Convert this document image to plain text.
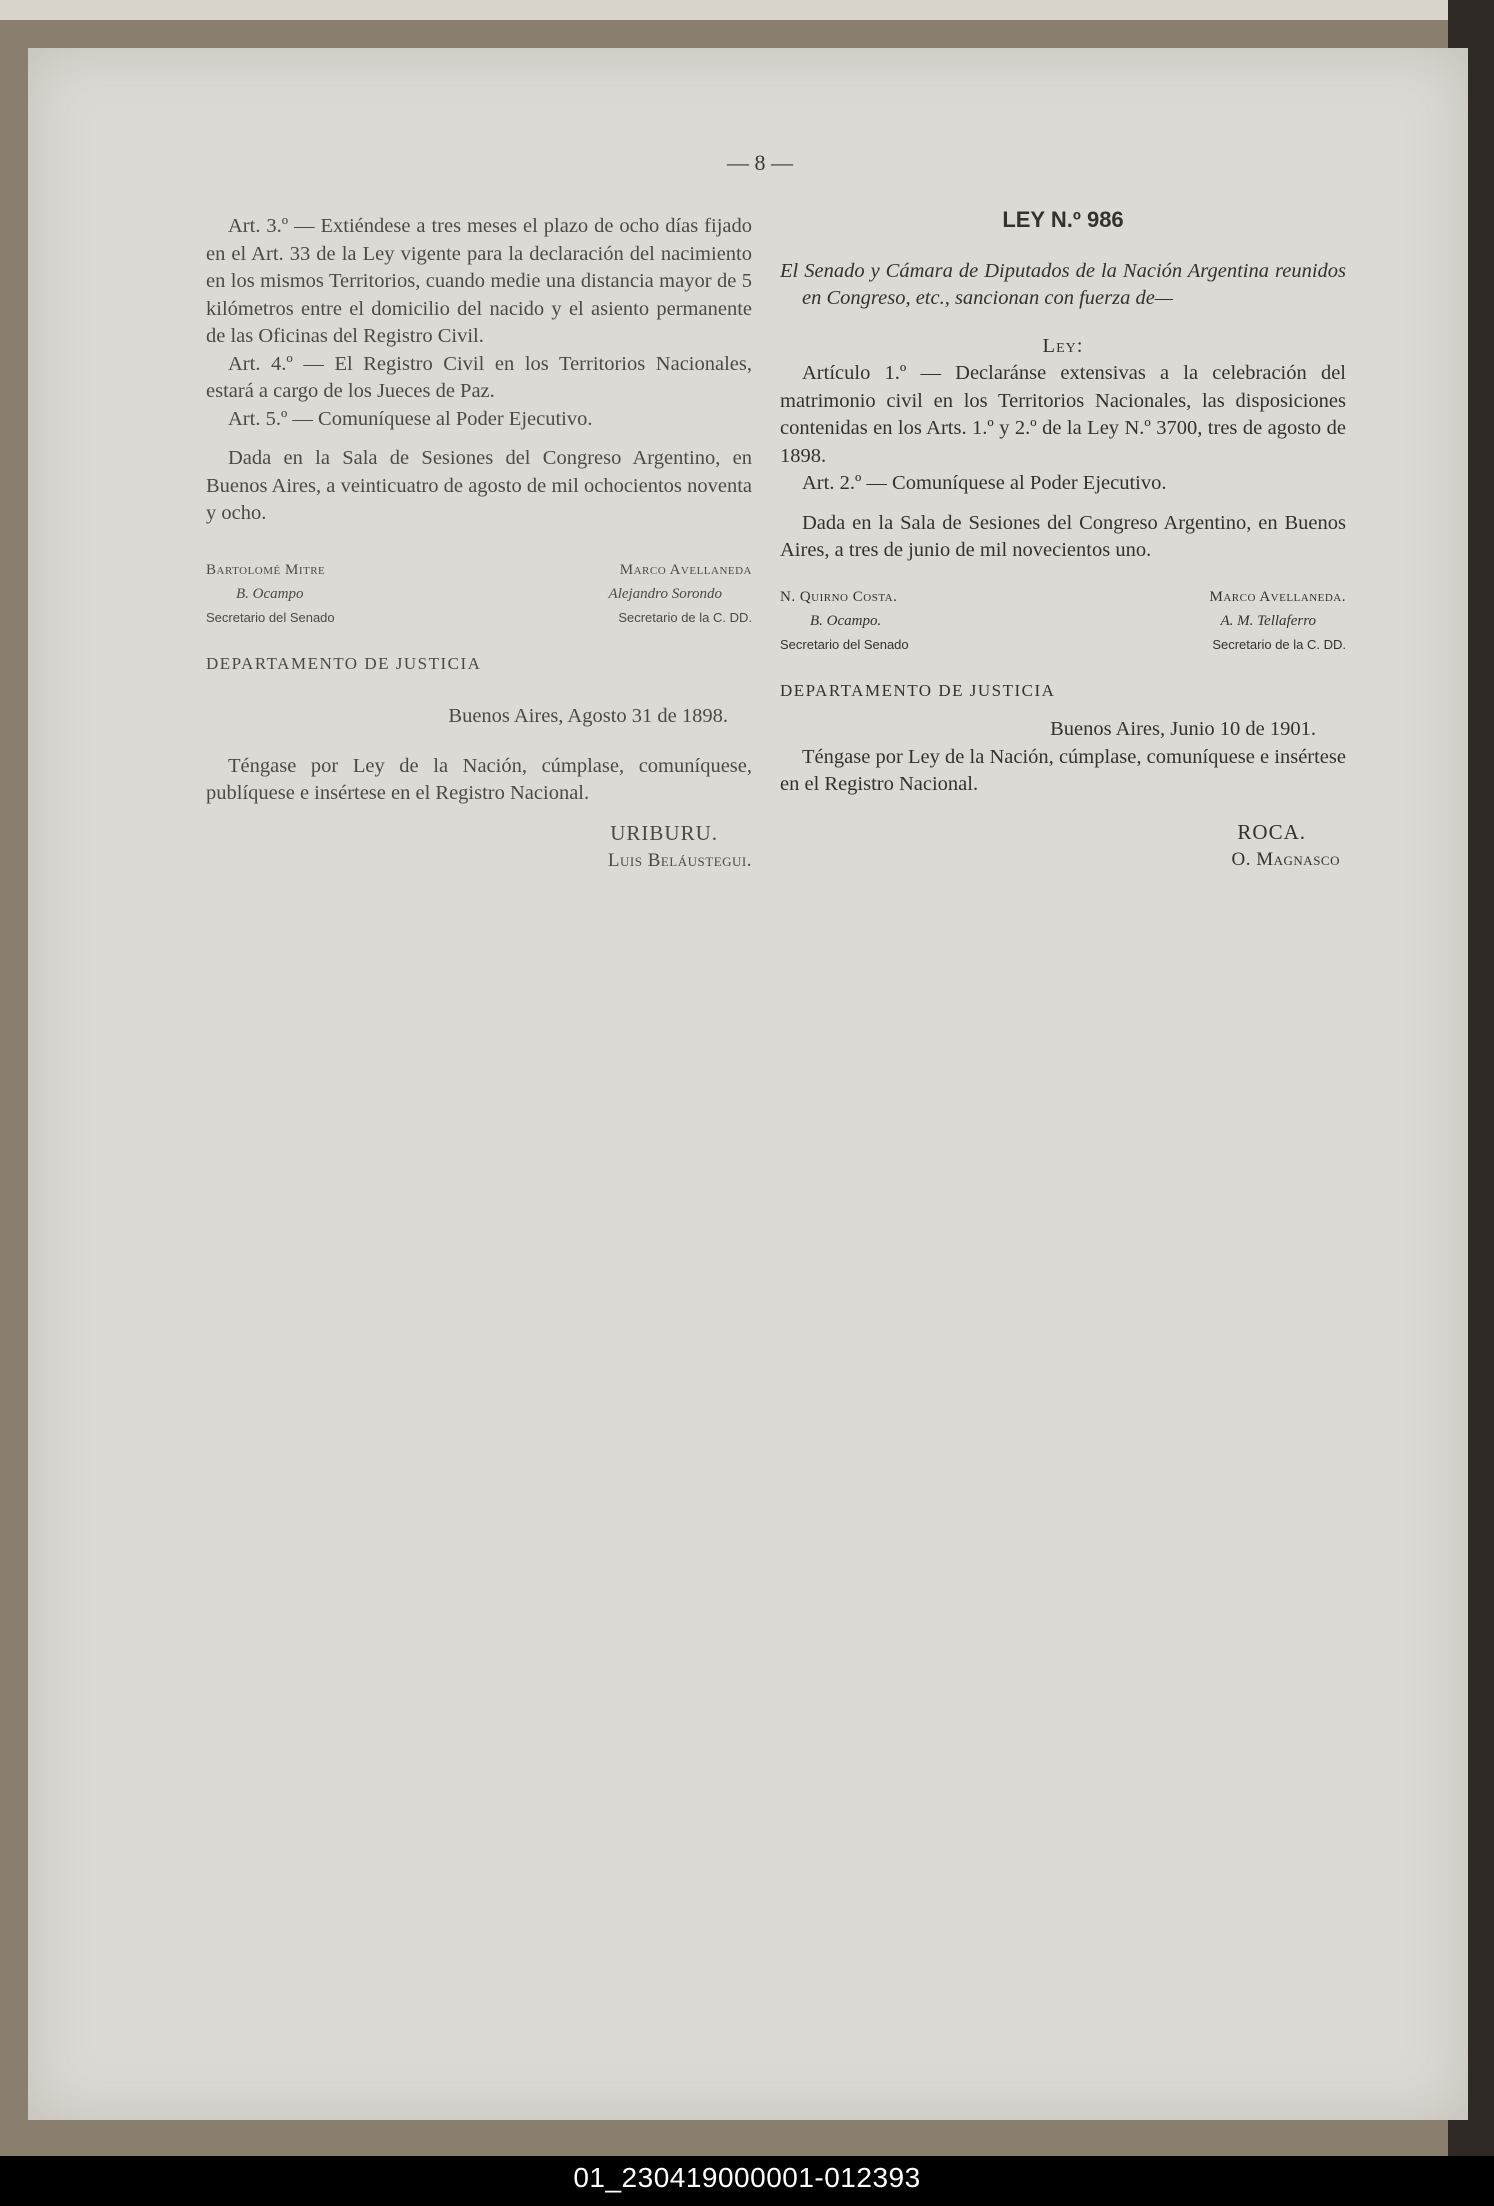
— 8 —

Art. 3.º — Extiéndese a tres meses el plazo de ocho días fijado en el Art. 33 de la Ley vigente para la declaración del nacimiento en los mismos Territorios, cuando medie una distancia mayor de 5 kilómetros entre el domicilio del nacido y el asiento permanente de las Oficinas del Registro Civil.

Art. 4.º — El Registro Civil en los Territorios Nacionales, estará a cargo de los Jueces de Paz.

Art. 5.º — Comuníquese al Poder Ejecutivo.

Dada en la Sala de Sesiones del Congreso Argentino, en Buenos Aires, a veinticuatro de agosto de mil ochocientos noventa y ocho.

Bartolomé Mitre
B. Ocampo
Secretario del Senado
Marco Avellaneda
Alejandro Sorondo
Secretario de la C. DD.

DEPARTAMENTO DE JUSTICIA

Buenos Aires, Agosto 31 de 1898.

Téngase por Ley de la Nación, cúmplase, comuníquese, publíquese e insértese en el Registro Nacional.

URIBURU.

Luis Beláustegui.

LEY N.º 986

El Senado y Cámara de Diputados de la Nación Argentina reunidos en Congreso, etc., sancionan con fuerza de—

Ley:

Artículo 1.º — Declaránse extensivas a la celebración del matrimonio civil en los Territorios Nacionales, las disposiciones contenidas en los Arts. 1.º y 2.º de la Ley N.º 3700, tres de agosto de 1898.

Art. 2.º — Comuníquese al Poder Ejecutivo.

Dada en la Sala de Sesiones del Congreso Argentino, en Buenos Aires, a tres de junio de mil novecientos uno.

N. Quirno Costa.
B. Ocampo.
Secretario del Senado
Marco Avellaneda.
A. M. Tellaferro
Secretario de la C. DD.

DEPARTAMENTO DE JUSTICIA

Buenos Aires, Junio 10 de 1901.

Téngase por Ley de la Nación, cúmplase, comuníquese e insértese en el Registro Nacional.

ROCA.

O. Magnasco

01_230419000001-012393
